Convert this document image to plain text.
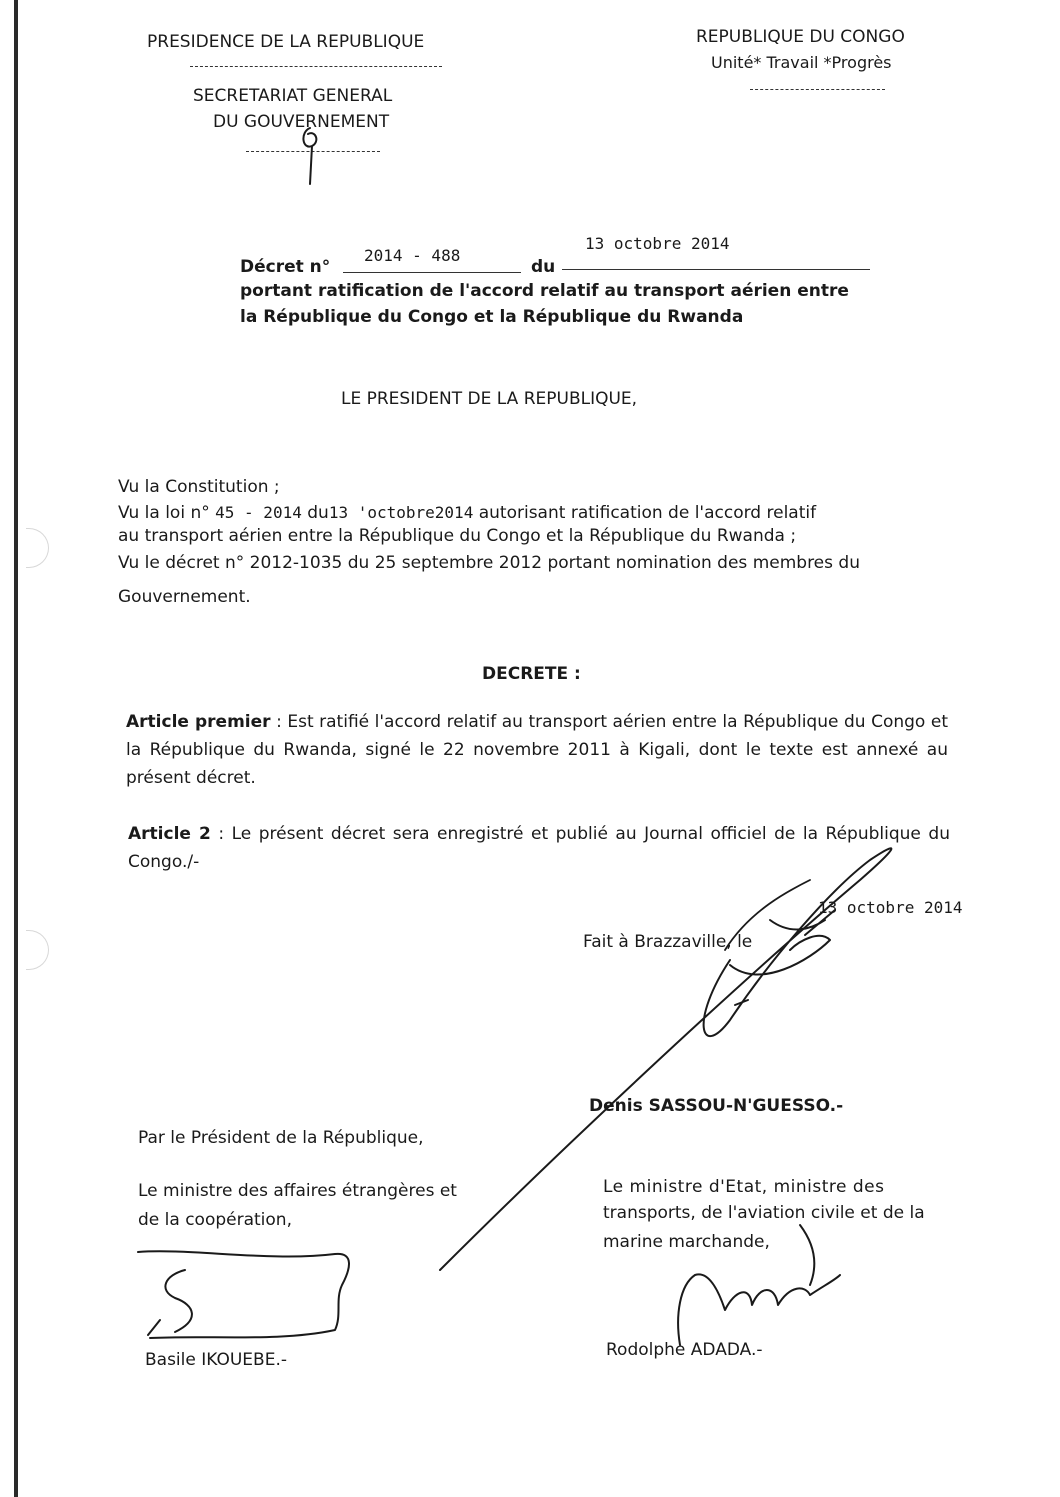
PRESIDENCE DE LA REPUBLIQUE
SECRETARIAT GENERAL
DU GOUVERNEMENT
REPUBLIQUE DU CONGO
Unité* Travail *Progrès
Décret n°
2014 - 488
du
13 octobre 2014
portant ratification de l'accord relatif au transport aérien entre
la République du Congo et la République du Rwanda
LE PRESIDENT DE LA REPUBLIQUE,
Vu la Constitution ;
Vu la loi n° 45 - 2014 du13 'octobre2014 autorisant ratification de l'accord relatif
au transport aérien entre la République du Congo et la République du Rwanda ;
Vu le décret n° 2012-1035 du 25 septembre 2012 portant nomination des membres du
Gouvernement.
DECRETE :
Article premier : Est ratifié l'accord relatif au transport aérien entre la République du Congo et la République du Rwanda, signé le 22 novembre 2011 à Kigali, dont le texte est annexé au présent décret.
Article 2 : Le présent décret sera enregistré et publié au Journal officiel de la République du Congo./-
13 octobre 2014
Fait à Brazzaville, le
Denis SASSOU-N'GUESSO.-
Par le Président de la République,
Le ministre des affaires étrangères et
de la coopération,
Le ministre d'Etat, ministre des
transports, de l'aviation civile et de la
marine marchande,
Basile IKOUEBE.-	Rodolphe ADADA.-
